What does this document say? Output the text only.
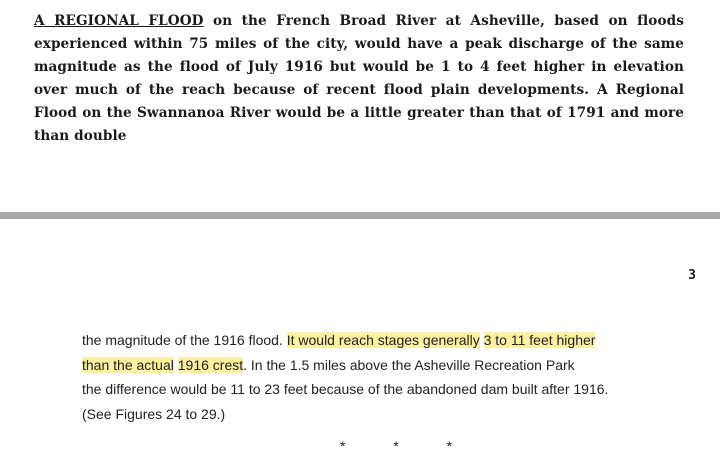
A REGIONAL FLOOD on the French Broad River at Asheville, based on floods experienced within 75 miles of the city, would have a peak discharge of the same magnitude as the flood of July 1916 but would be 1 to 4 feet higher in elevation over much of the reach because of recent flood plain developments. A Regional Flood on the Swannanoa River would be a little greater than that of 1791 and more than double
3
the magnitude of the 1916 flood. It would reach stages generally 3 to 11 feet higher
than the actual 1916 crest. In the 1.5 miles above the Asheville Recreation Park
the difference would be 11 to 23 feet because of the abandoned dam built after 1916.
(See Figures 24 to 29.)
* * *
